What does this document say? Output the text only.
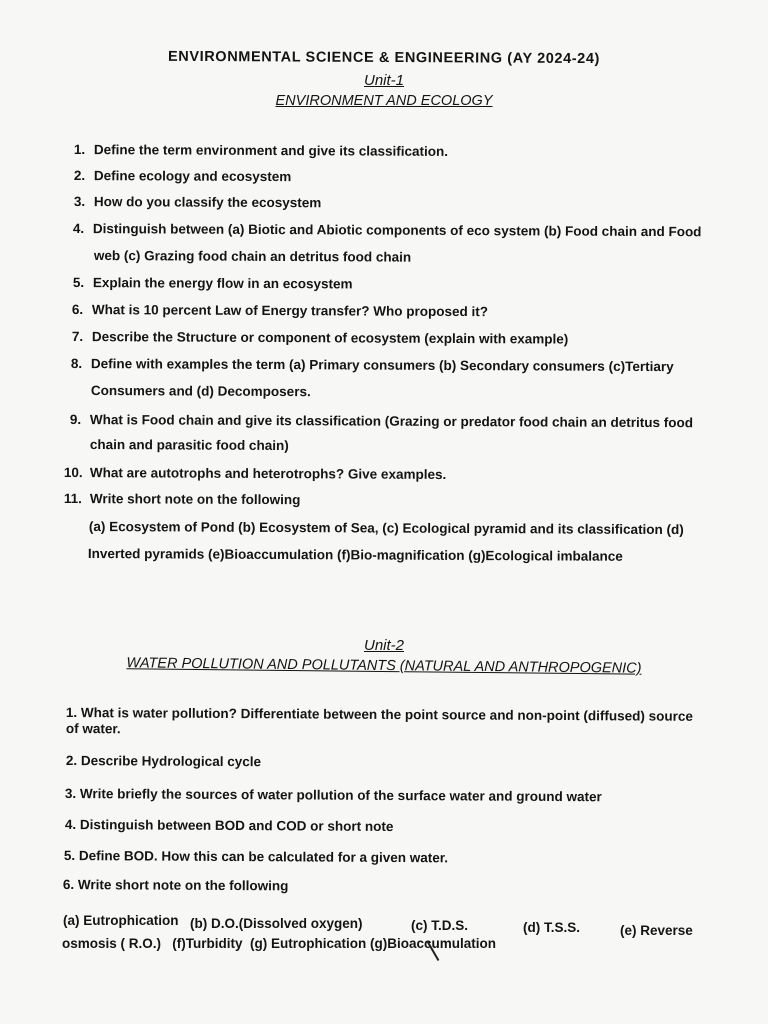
ENVIRONMENTAL SCIENCE & ENGINEERING (AY 2024-24)
Unit-1
ENVIRONMENT AND ECOLOGY
1. Define the term environment and give its classification.
2. Define ecology and ecosystem
3. How do you classify the ecosystem
4. Distinguish between (a) Biotic and Abiotic components of eco system (b) Food chain and Food
web (c) Grazing food chain an detritus food chain
5. Explain the energy flow in an ecosystem
6. What is 10 percent Law of Energy transfer? Who proposed it?
7. Describe the Structure or component of ecosystem (explain with example)
8. Define with examples the term (a) Primary consumers (b) Secondary consumers (c)Tertiary
Consumers and (d) Decomposers.
9. What is Food chain and give its classification (Grazing or predator food chain an detritus food
chain and parasitic food chain)
10. What are autotrophs and heterotrophs? Give examples.
11. Write short note on the following
(a) Ecosystem of Pond (b) Ecosystem of Sea, (c) Ecological pyramid and its classification (d)
Inverted pyramids (e)Bioaccumulation (f)Bio-magnification (g)Ecological imbalance
Unit-2
WATER POLLUTION AND POLLUTANTS (NATURAL AND ANTHROPOGENIC)
1. What is water pollution? Differentiate between the point source and non-point (diffused) source
of water.
2. Describe Hydrological cycle
3. Write briefly the sources of water pollution of the surface water and ground water
4. Distinguish between BOD and COD or short note
5. Define BOD. How this can be calculated for a given water.
6. Write short note on the following
(a) Eutrophication (b) D.O.(Dissolved oxygen)	(c) T.D.S.	(d) T.S.S.	(e) Reverse
osmosis ( R.O.)   (f)Turbidity  (g) Eutrophication (g)Bioaccumulation
